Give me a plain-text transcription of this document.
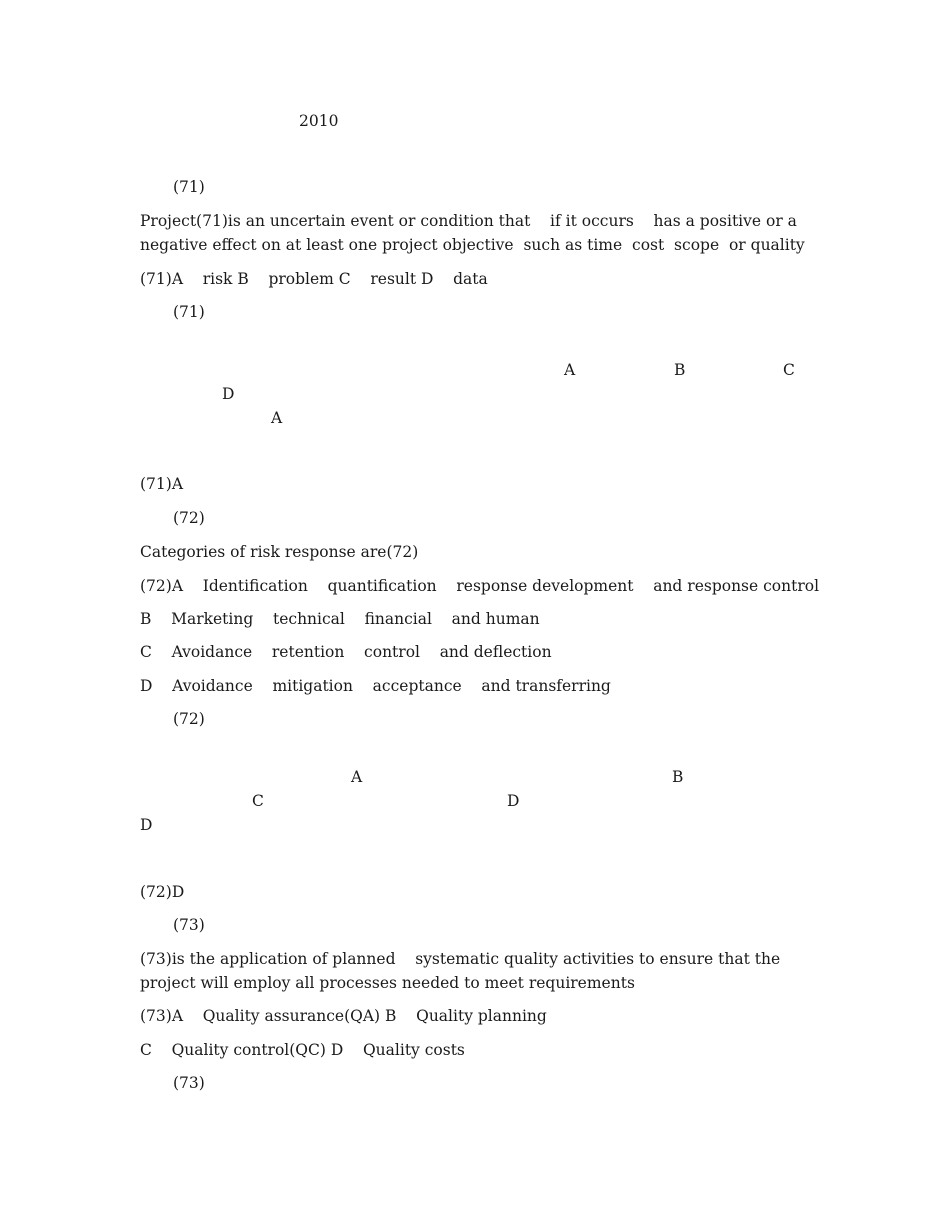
2010
(71)
Project(71)is an uncertain event or condition that    if it occurs    has a positive or a
negative effect on at least one project objective  such as time  cost  scope  or quality
(71)A    risk B    problem C    result D    data
(71)
A	B	C
D
A
(71)A
(72)
Categories of risk response are(72)
(72)A    Identification    quantification    response development    and response control
B    Marketing    technical    financial    and human
C    Avoidance    retention    control    and deflection
D    Avoidance    mitigation    acceptance    and transferring
(72)
A	B
C	D
D
(72)D
(73)
(73)is the application of planned    systematic quality activities to ensure that the
project will employ all processes needed to meet requirements
(73)A    Quality assurance(QA) B    Quality planning
C    Quality control(QC) D    Quality costs
(73)
